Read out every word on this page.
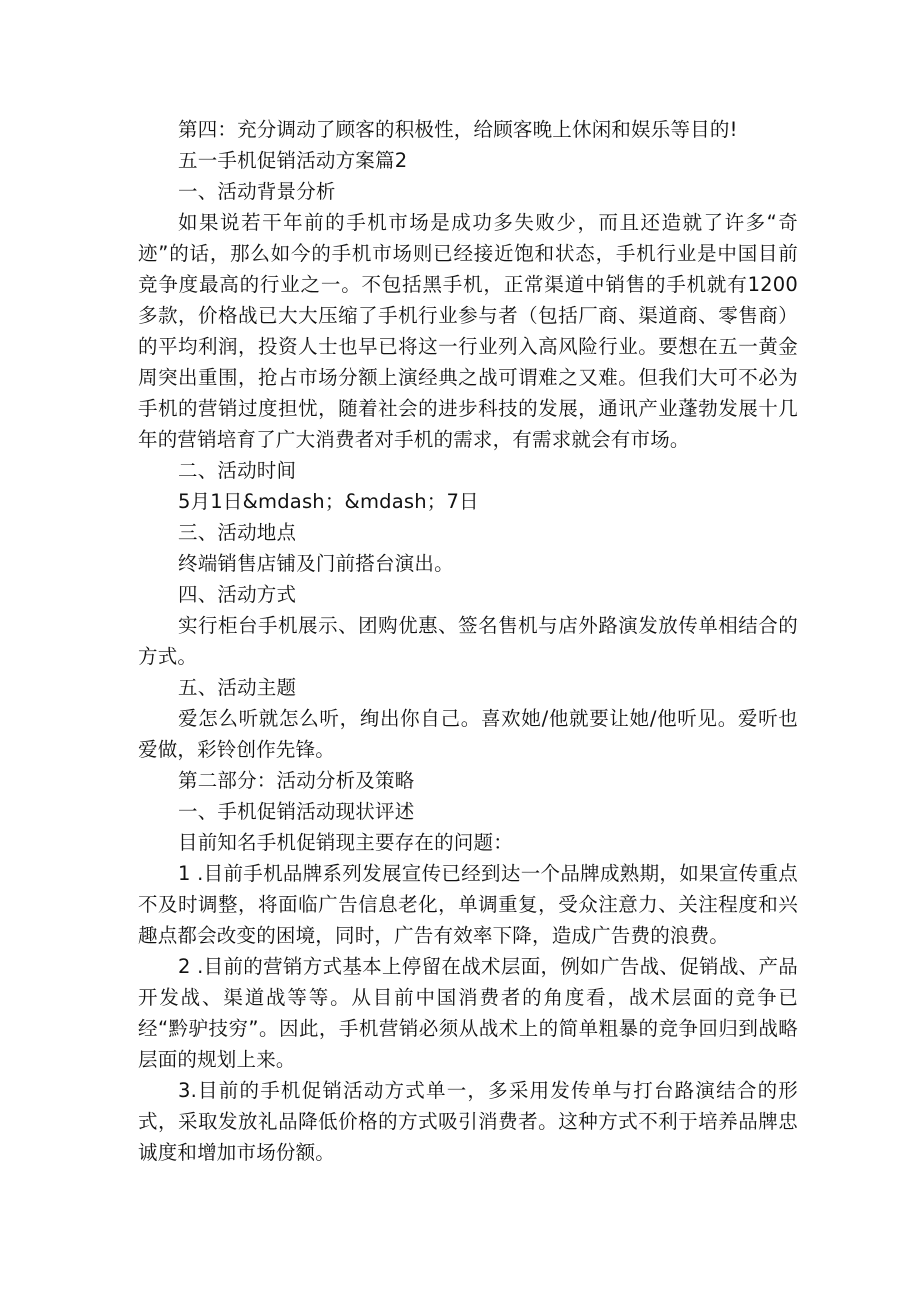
第四：充分调动了顾客的积极性，给顾客晚上休闲和娱乐等目的!

五一手机促销活动方案篇2

一、活动背景分析

如果说若干年前的手机市场是成功多失败少，而且还造就了许多“奇迹”的话，那么如今的手机市场则已经接近饱和状态，手机行业是中国目前竞争度最高的行业之一。不包括黑手机，正常渠道中销售的手机就有1200多款，价格战已大大压缩了手机行业参与者（包括厂商、渠道商、零售商）的平均利润，投资人士也早已将这一行业列入高风险行业。要想在五一黄金周突出重围，抢占市场分额上演经典之战可谓难之又难。但我们大可不必为手机的营销过度担忧，随着社会的进步科技的发展，通讯产业蓬勃发展十几年的营销培育了广大消费者对手机的需求，有需求就会有市场。

二、活动时间

5月1日&mdash；&mdash；7日

三、活动地点

终端销售店铺及门前搭台演出。

四、活动方式

实行柜台手机展示、团购优惠、签名售机与店外路演发放传单相结合的方式。

五、活动主题

爱怎么听就怎么听，绚出你自己。喜欢她/他就要让她/他听见。爱听也爱做，彩铃创作先锋。

第二部分：活动分析及策略

一、手机促销活动现状评述

目前知名手机促销现主要存在的问题：

1 .目前手机品牌系列发展宣传已经到达一个品牌成熟期，如果宣传重点不及时调整，将面临广告信息老化，单调重复，受众注意力、关注程度和兴趣点都会改变的困境，同时，广告有效率下降，造成广告费的浪费。

2 .目前的营销方式基本上停留在战术层面，例如广告战、促销战、产品开发战、渠道战等等。从目前中国消费者的角度看，战术层面的竞争已经“黔驴技穷”。因此，手机营销必须从战术上的简单粗暴的竞争回归到战略层面的规划上来。

3.目前的手机促销活动方式单一，多采用发传单与打台路演结合的形式，采取发放礼品降低价格的方式吸引消费者。这种方式不利于培养品牌忠诚度和增加市场份额。
